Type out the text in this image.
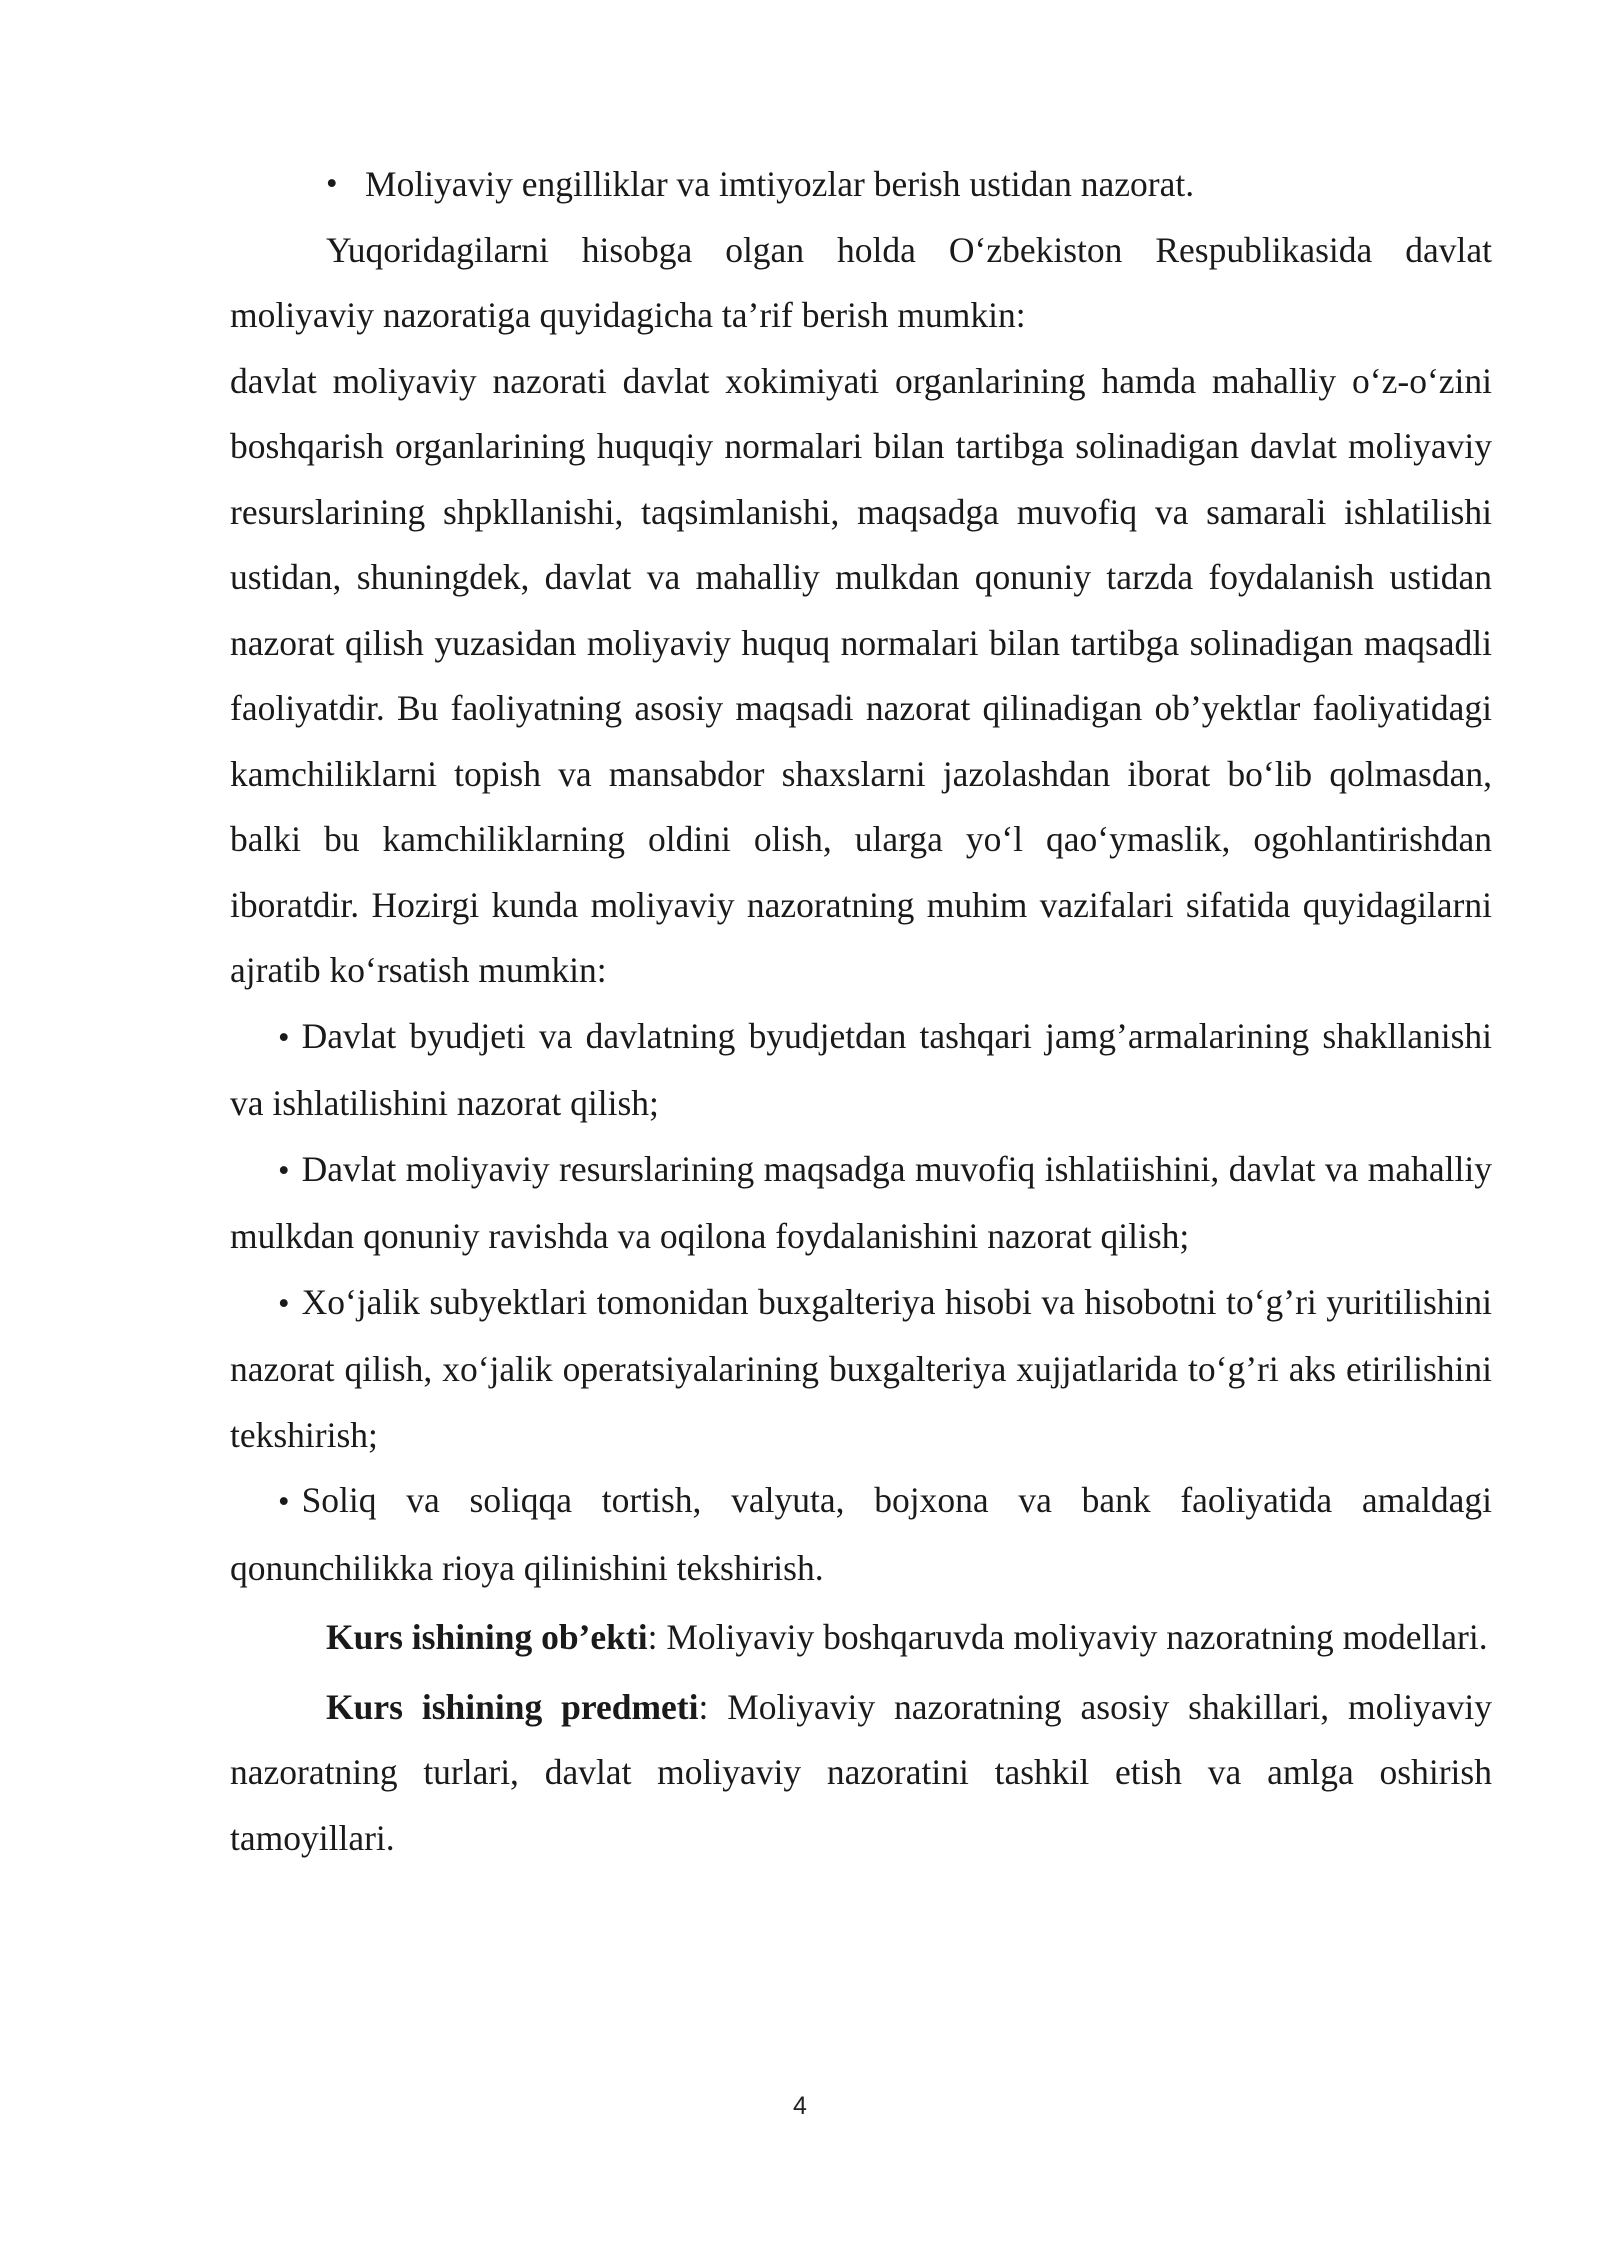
• Moliyaviy engilliklar va imtiyozlar berish ustidan nazorat.

Yuqoridagilarni hisobga olgan holda O‘zbekiston Respublikasida davlat moliyaviy nazoratiga quyidagicha ta’rif berish mumkin:

davlat moliyaviy nazorati davlat xokimiyati organlarining hamda mahalliy o‘z-o‘zini boshqarish organlarining huquqiy normalari bilan tartibga solinadigan davlat moliyaviy resurslarining shpkllanishi, taqsimlanishi, maqsadga muvofiq va samarali ishlatilishi ustidan, shuningdek, davlat va mahalliy mulkdan qonuniy tarzda foydalanish ustidan nazorat qilish yuzasidan moliyaviy huquq normalari bilan tartibga solinadigan maqsadli faoliyatdir. Bu faoliyatning asosiy maqsadi nazorat qilinadigan ob’yektlar faoliyatidagi kamchiliklarni topish va mansabdor shaxslarni jazolashdan iborat bo‘lib qolmasdan, balki bu kamchiliklarning oldini olish, ularga yo‘l qao‘ymaslik, ogohlantirishdan iboratdir. Hozirgi kunda moliyaviy nazoratning muhim vazifalari sifatida quyidagilarni ajratib ko‘rsatish mumkin:

• Davlat byudjeti va davlatning byudjetdan tashqari jamg’armalarining shakllanishi va ishlatilishini nazorat qilish;

• Davlat moliyaviy resurslarining maqsadga muvofiq ishlatiishini, davlat va mahalliy mulkdan qonuniy ravishda va oqilona foydalanishini nazorat qilish;

• Xo‘jalik subyektlari tomonidan buxgalteriya hisobi va hisobotni to‘g’ri yuritilishini nazorat qilish, xo‘jalik operatsiyalarining buxgalteriya xujjatlarida to‘g’ri aks etirilishini tekshirish;

• Soliq va soliqqa tortish, valyuta, bojxona va bank faoliyatida amaldagi qonunchilikka rioya qilinishini tekshirish.

Kurs ishining ob’ekti: Moliyaviy boshqaruvda moliyaviy nazoratning modellari.

Kurs ishining predmeti: Moliyaviy nazoratning asosiy shakillari, moliyaviy nazoratning turlari, davlat moliyaviy nazoratini tashkil etish va amlga oshirish tamoyillari.

4
